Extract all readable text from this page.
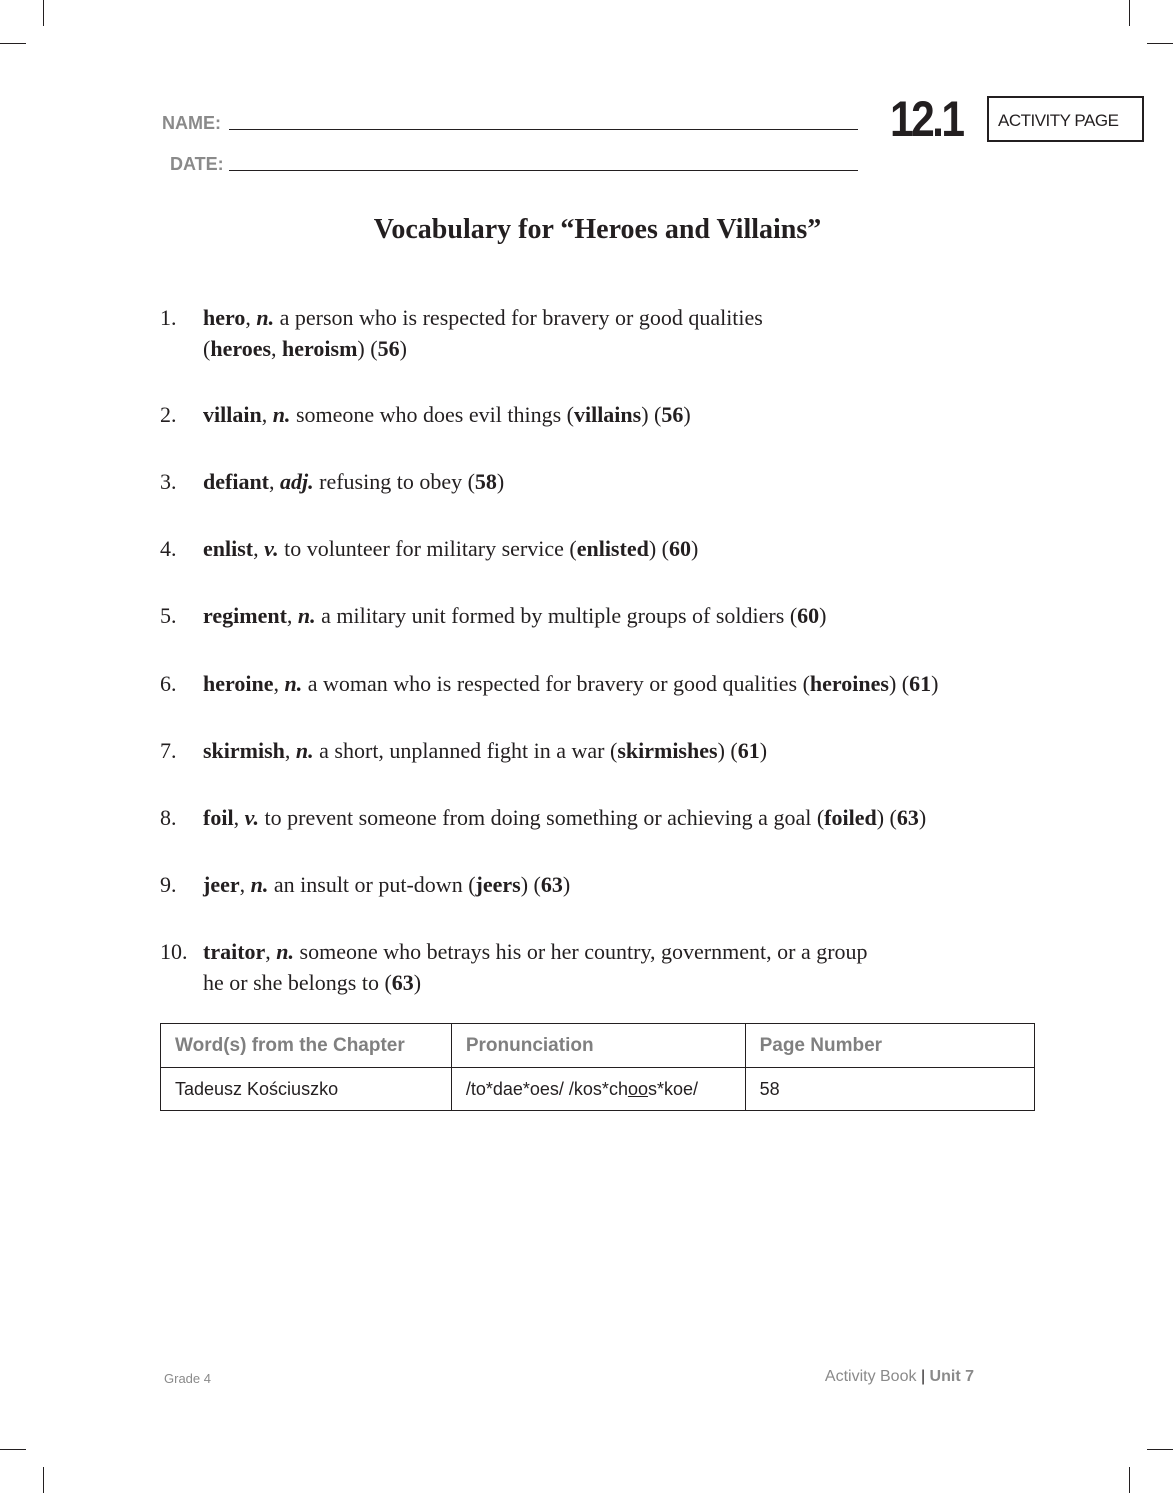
NAME:
DATE:
12.1	ACTIVITY PAGE
Vocabulary for “Heroes and Villains”
1. hero, n. a person who is respected for bravery or good qualities
(heroes, heroism) (56)
2. villain, n. someone who does evil things (villains) (56)
3. defiant, adj. refusing to obey (58)
4. enlist, v. to volunteer for military service (enlisted) (60)
5. regiment, n. a military unit formed by multiple groups of soldiers (60)
6. heroine, n. a woman who is respected for bravery or good qualities (heroines) (61)
7. skirmish, n. a short, unplanned fight in a war (skirmishes) (61)
8. foil, v. to prevent someone from doing something or achieving a goal (foiled) (63)
9. jeer, n. an insult or put-down (jeers) (63)
10. traitor, n. someone who betrays his or her country, government, or a group
he or she belongs to (63)
Word(s) from the Chapter	Pronunciation	Page Number
Tadeusz Kościuszko	/to*dae*oes/ /kos*choos*koe/	58
Grade 4	Activity Book | Unit 7
